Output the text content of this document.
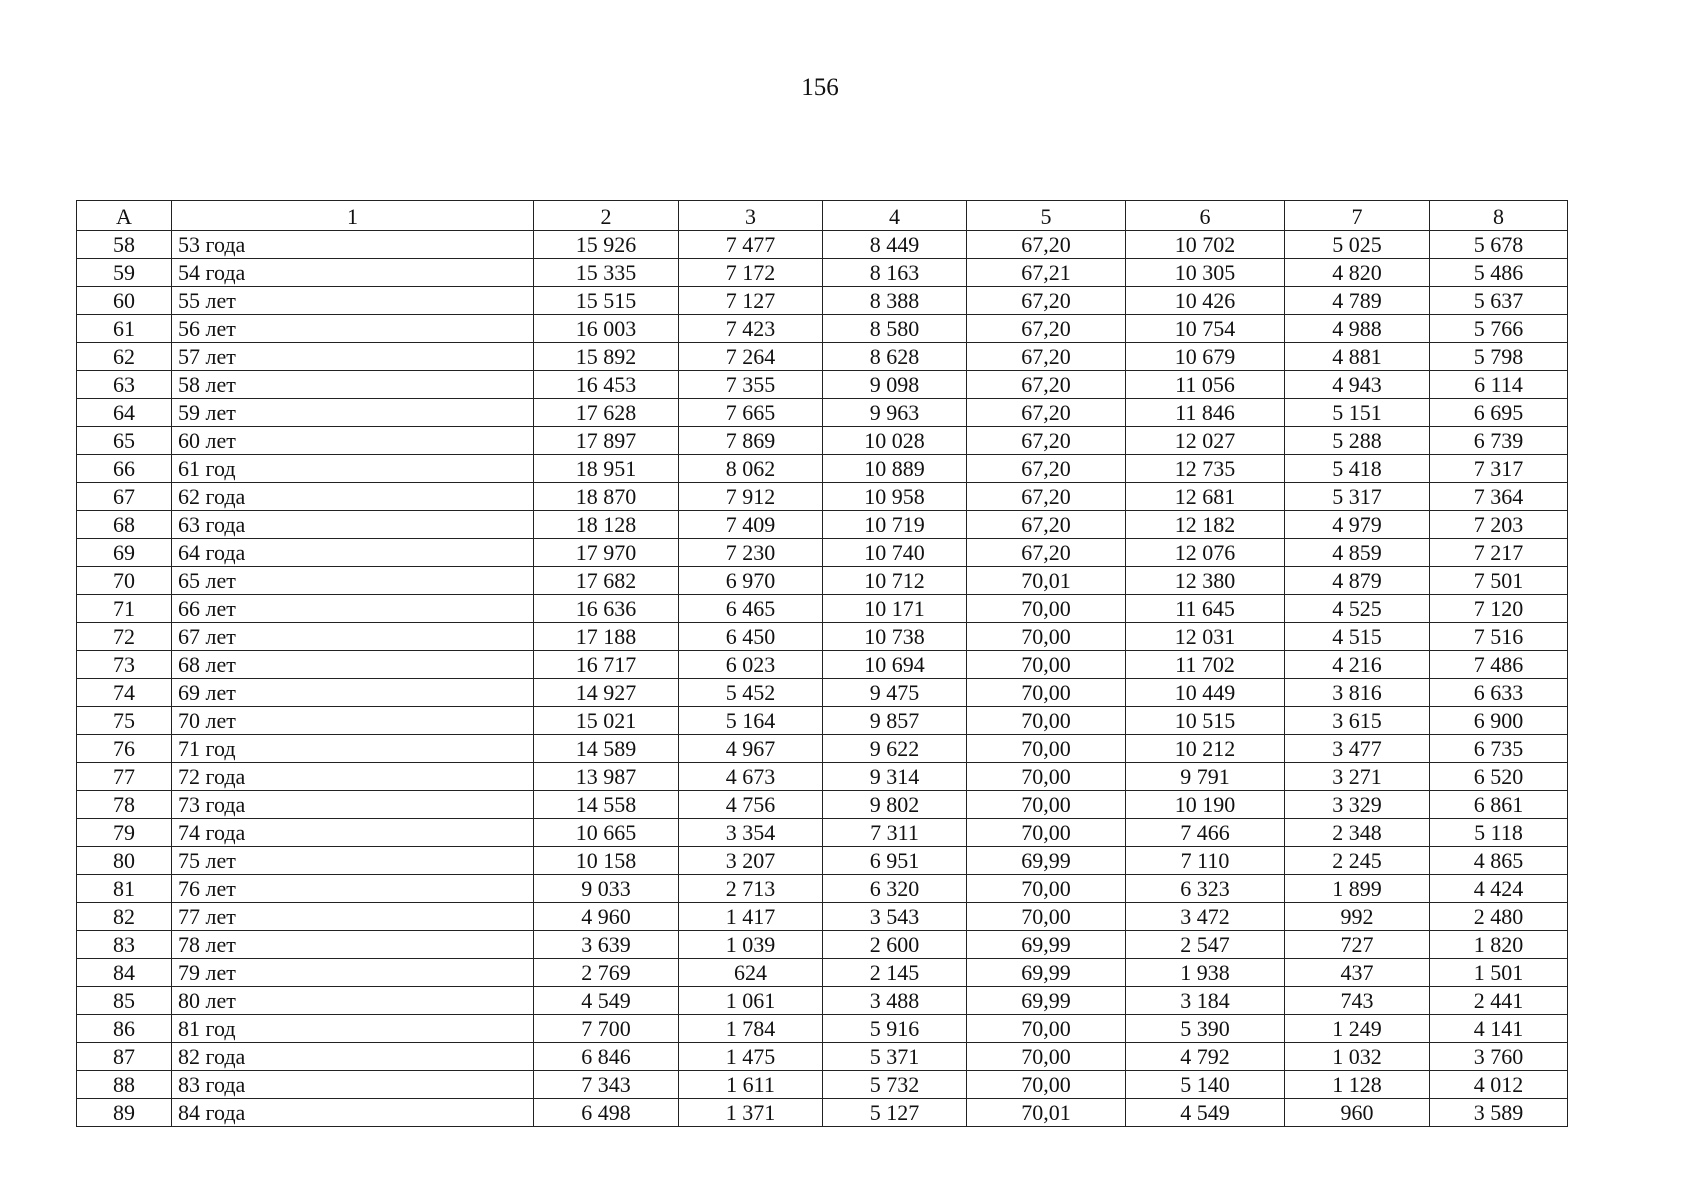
156
А	1	2	3	4	5	6	7	8
58	53 года	15 926	7 477	8 449	67,20	10 702	5 025	5 678
59	54 года	15 335	7 172	8 163	67,21	10 305	4 820	5 486
60	55 лет	15 515	7 127	8 388	67,20	10 426	4 789	5 637
61	56 лет	16 003	7 423	8 580	67,20	10 754	4 988	5 766
62	57 лет	15 892	7 264	8 628	67,20	10 679	4 881	5 798
63	58 лет	16 453	7 355	9 098	67,20	11 056	4 943	6 114
64	59 лет	17 628	7 665	9 963	67,20	11 846	5 151	6 695
65	60 лет	17 897	7 869	10 028	67,20	12 027	5 288	6 739
66	61 год	18 951	8 062	10 889	67,20	12 735	5 418	7 317
67	62 года	18 870	7 912	10 958	67,20	12 681	5 317	7 364
68	63 года	18 128	7 409	10 719	67,20	12 182	4 979	7 203
69	64 года	17 970	7 230	10 740	67,20	12 076	4 859	7 217
70	65 лет	17 682	6 970	10 712	70,01	12 380	4 879	7 501
71	66 лет	16 636	6 465	10 171	70,00	11 645	4 525	7 120
72	67 лет	17 188	6 450	10 738	70,00	12 031	4 515	7 516
73	68 лет	16 717	6 023	10 694	70,00	11 702	4 216	7 486
74	69 лет	14 927	5 452	9 475	70,00	10 449	3 816	6 633
75	70 лет	15 021	5 164	9 857	70,00	10 515	3 615	6 900
76	71 год	14 589	4 967	9 622	70,00	10 212	3 477	6 735
77	72 года	13 987	4 673	9 314	70,00	9 791	3 271	6 520
78	73 года	14 558	4 756	9 802	70,00	10 190	3 329	6 861
79	74 года	10 665	3 354	7 311	70,00	7 466	2 348	5 118
80	75 лет	10 158	3 207	6 951	69,99	7 110	2 245	4 865
81	76 лет	9 033	2 713	6 320	70,00	6 323	1 899	4 424
82	77 лет	4 960	1 417	3 543	70,00	3 472	992	2 480
83	78 лет	3 639	1 039	2 600	69,99	2 547	727	1 820
84	79 лет	2 769	624	2 145	69,99	1 938	437	1 501
85	80 лет	4 549	1 061	3 488	69,99	3 184	743	2 441
86	81 год	7 700	1 784	5 916	70,00	5 390	1 249	4 141
87	82 года	6 846	1 475	5 371	70,00	4 792	1 032	3 760
88	83 года	7 343	1 611	5 732	70,00	5 140	1 128	4 012
89	84 года	6 498	1 371	5 127	70,01	4 549	960	3 589
